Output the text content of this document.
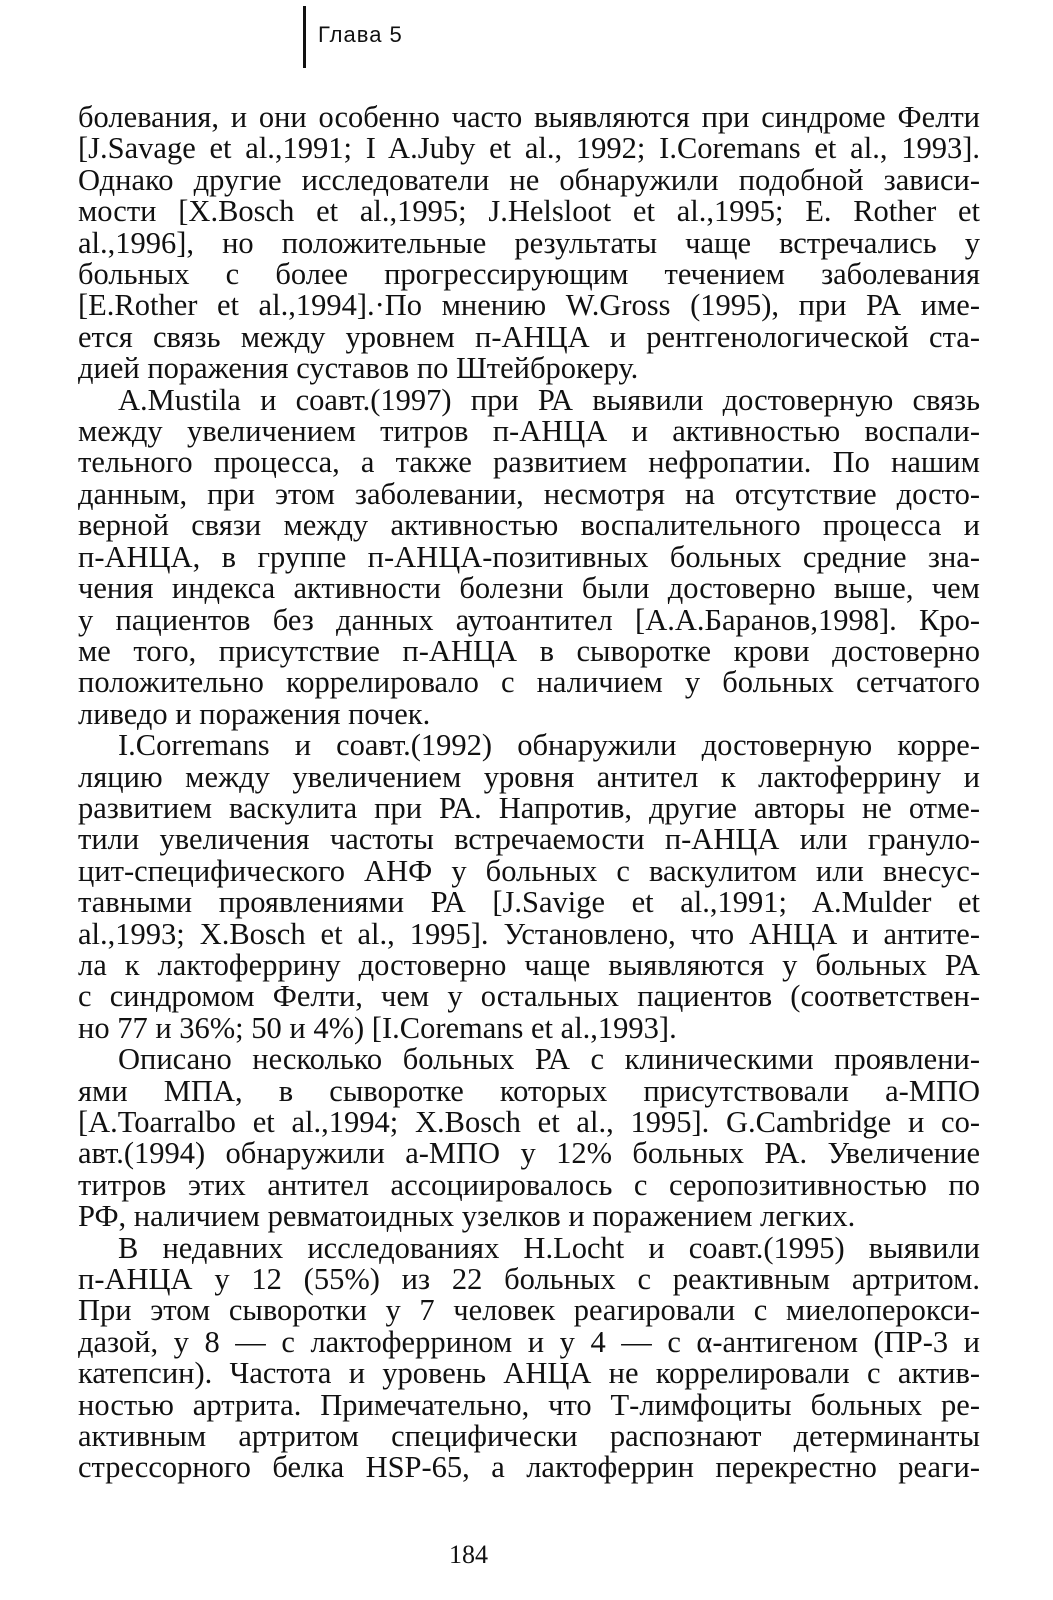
Глава 5
болевания, и они особенно часто выявляются при синдроме Фелти
[J.Savage et al.,1991; I A.Juby et al., 1992; I.Coremans et al., 1993].
Однако другие исследователи не обнаружили подобной зависи-
мости [X.Bosch et al.,1995; J.Helsloot et al.,1995; E. Rother et
al.,1996], но положительные результаты чаще встречались у
больных с более прогрессирующим течением заболевания
[E.Rother et al.,1994].·По мнению W.Gross (1995), при РА име-
ется связь между уровнем п-АНЦА и рентгенологической ста-
дией поражения суставов по Штейброкеру.
A.Mustila и соавт.(1997) при РА выявили достоверную связь
между увеличением титров п-АНЦА и активностью воспали-
тельного процесса, а также развитием нефропатии. По нашим
данным, при этом заболевании, несмотря на отсутствие досто-
верной связи между активностью воспалительного процесса и
п-АНЦА, в группе п-АНЦА-позитивных больных средние зна-
чения индекса активности болезни были достоверно выше, чем
у пациентов без данных аутоантител [А.А.Баранов,1998]. Кро-
ме того, присутствие п-АНЦА в сыворотке крови достоверно
положительно коррелировало с наличием у больных сетчатого
ливедо и поражения почек.
I.Corremans и соавт.(1992) обнаружили достоверную корре-
ляцию между увеличением уровня антител к лактоферрину и
развитием васкулита при РА. Напротив, другие авторы не отме-
тили увеличения частоты встречаемости п-АНЦА или грануло-
цит-специфического АНФ у больных с васкулитом или внесус-
тавными проявлениями РА [J.Savige et al.,1991; A.Mulder et
al.,1993; X.Bosch et al., 1995]. Установлено, что АНЦА и антите-
ла к лактоферрину достоверно чаще выявляются у больных РА
с синдромом Фелти, чем у остальных пациентов (соответствен-
но 77 и 36%; 50 и 4%) [I.Coremans et al.,1993].
Описано несколько больных РА с клиническими проявлени-
ями МПА, в сыворотке которых присутствовали а-МПО
[A.Toarralbo et al.,1994; X.Bosch et al., 1995]. G.Cambridge и со-
авт.(1994) обнаружили а-МПО у 12% больных РА. Увеличение
титров этих антител ассоциировалось с серопозитивностью по
РФ, наличием ревматоидных узелков и поражением легких.
В недавних исследованиях H.Locht и соавт.(1995) выявили
п-АНЦА у 12 (55%) из 22 больных с реактивным артритом.
При этом сыворотки у 7 человек реагировали с миелоперокси-
дазой, у 8 — с лактоферрином и у 4 — с α-антигеном (ПР-3 и
катепсин). Частота и уровень АНЦА не коррелировали с актив-
ностью артрита. Примечательно, что Т-лимфоциты больных ре-
активным артритом специфически распознают детерминанты
стрессорного белка HSP-65, а лактоферрин перекрестно реаги-
184
